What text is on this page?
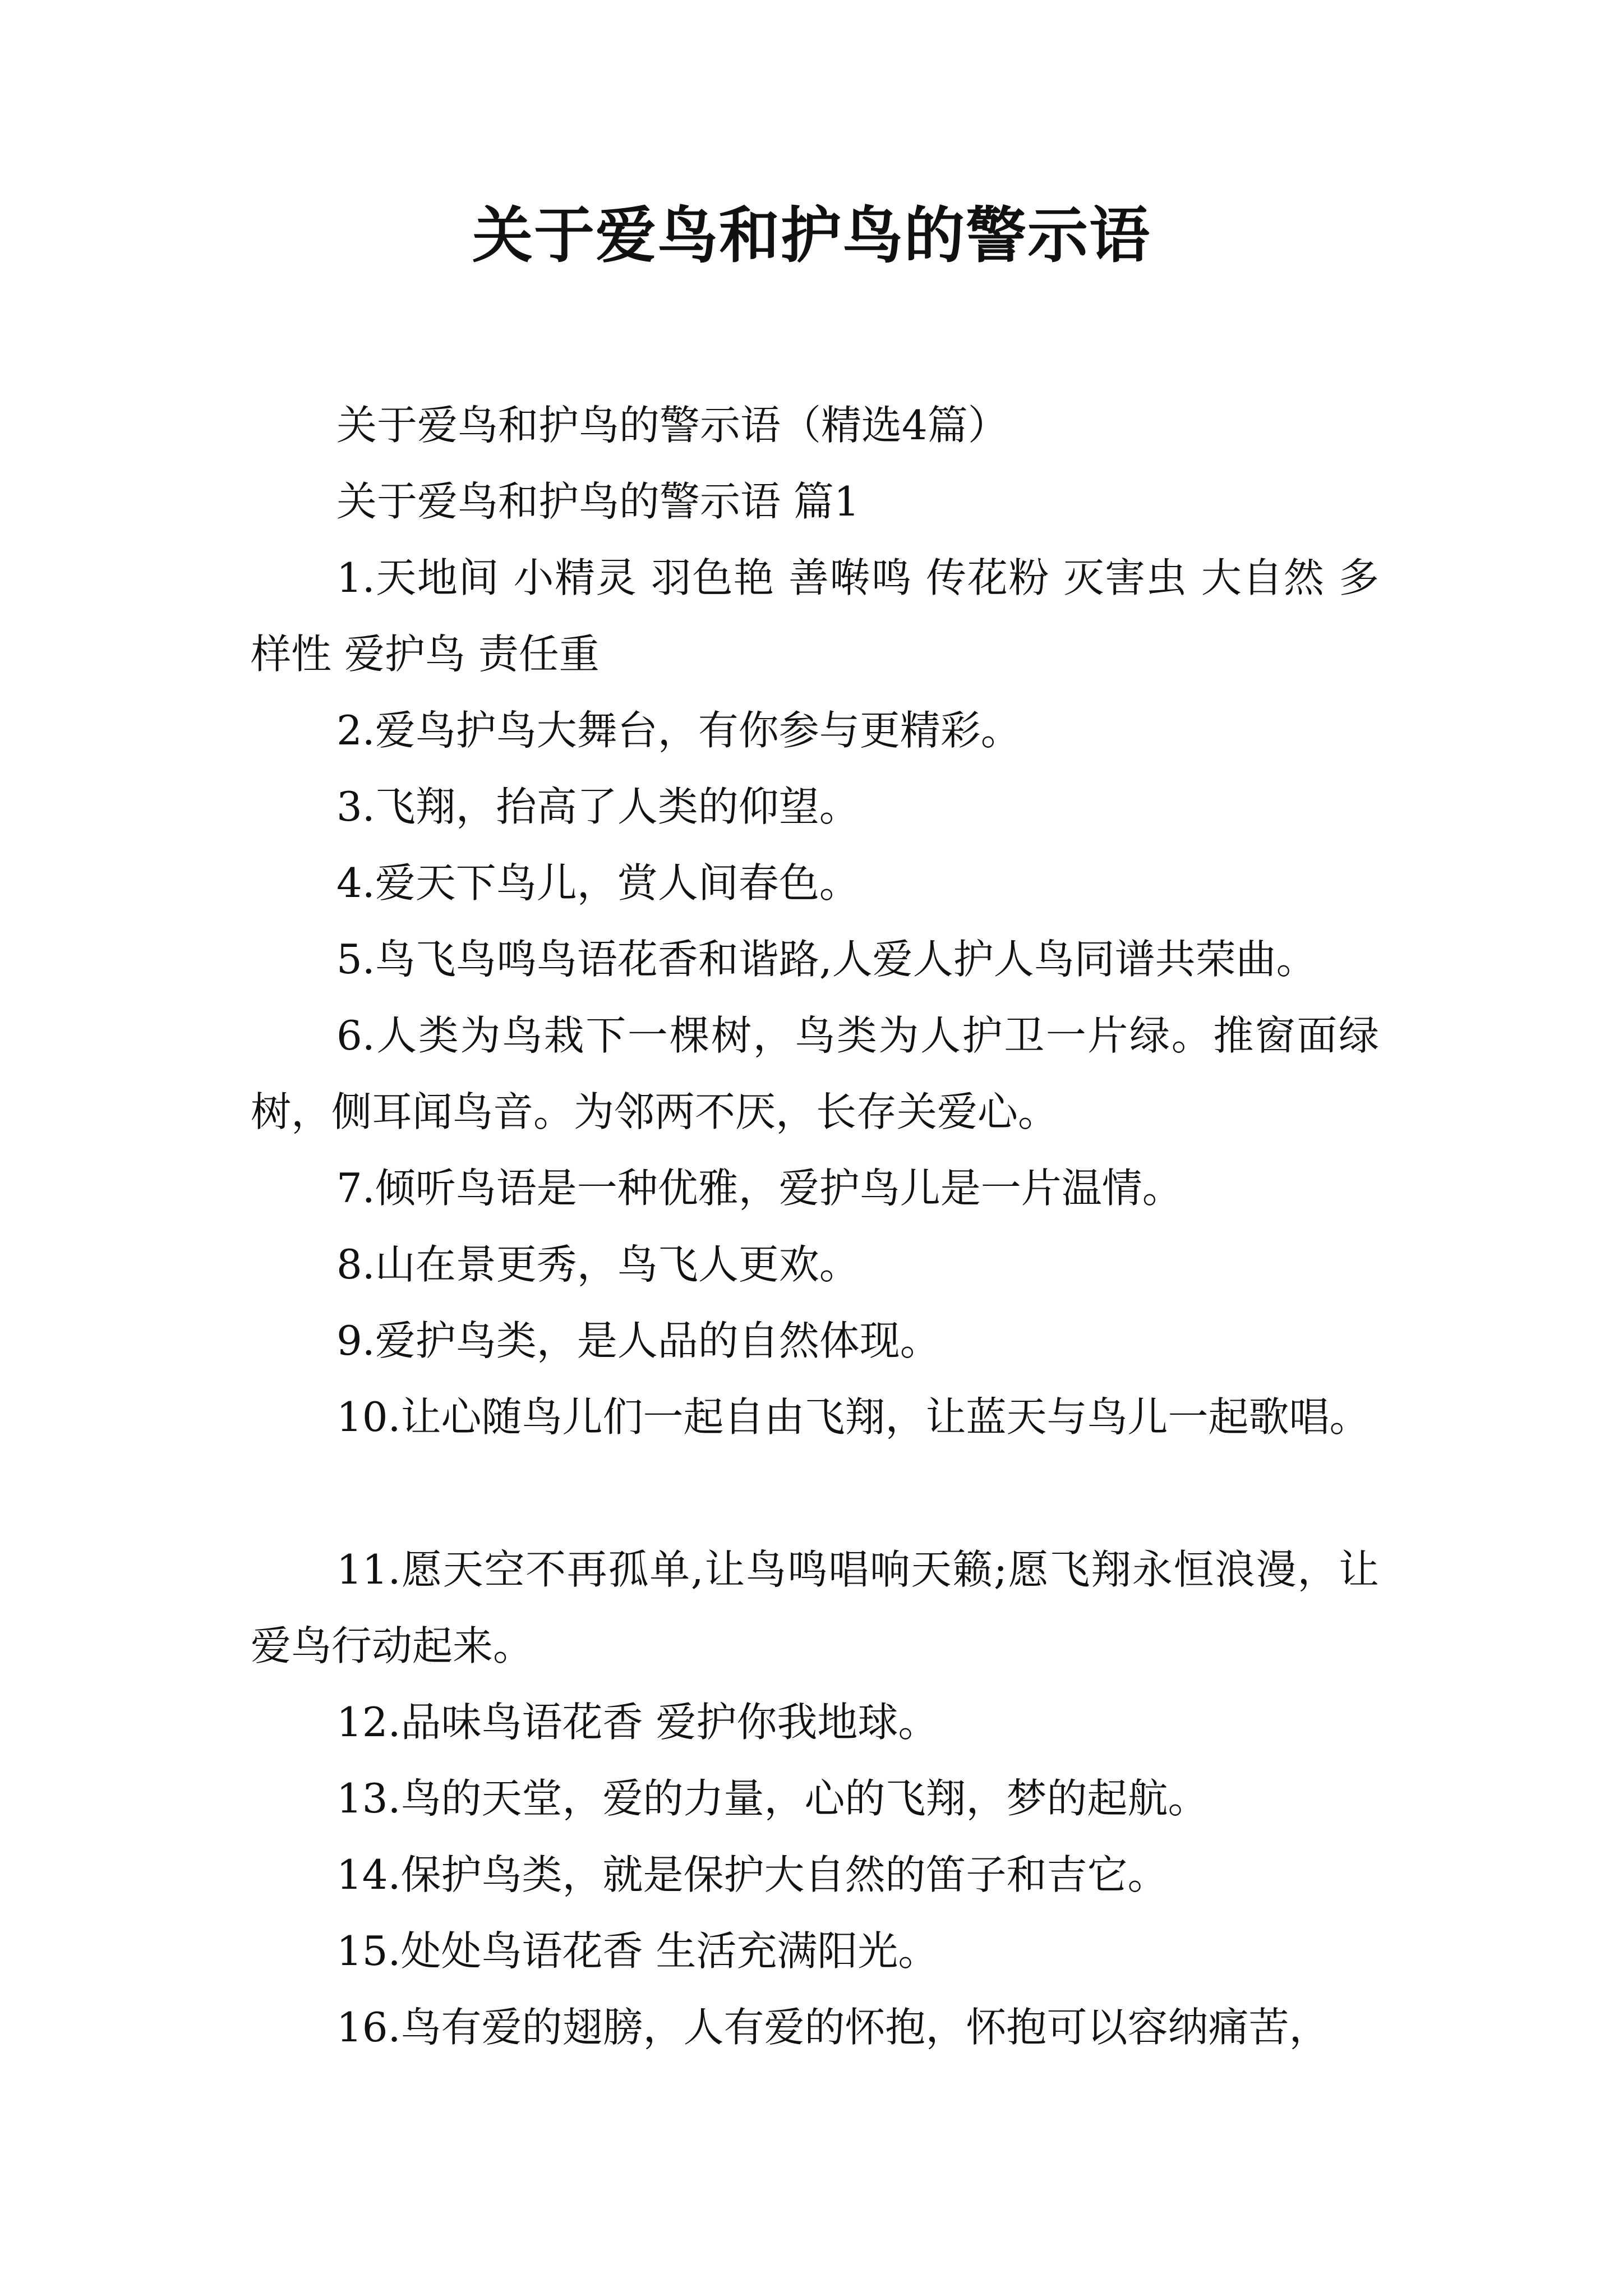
关于爱鸟和护鸟的警示语

关于爱鸟和护鸟的警示语（精选4篇）

关于爱鸟和护鸟的警示语 篇1

1.天地间 小精灵 羽色艳 善啭鸣 传花粉 灭害虫 大自然 多样性 爱护鸟 责任重

2.爱鸟护鸟大舞台，有你参与更精彩。

3.飞翔，抬高了人类的仰望。

4.爱天下鸟儿，赏人间春色。

5.鸟飞鸟鸣鸟语花香和谐路,人爱人护人鸟同谱共荣曲。

6.人类为鸟栽下一棵树，鸟类为人护卫一片绿。推窗面绿树，侧耳闻鸟音。为邻两不厌，长存关爱心。

7.倾听鸟语是一种优雅，爱护鸟儿是一片温情。

8.山在景更秀，鸟飞人更欢。

9.爱护鸟类，是人品的自然体现。

10.让心随鸟儿们一起自由飞翔，让蓝天与鸟儿一起歌唱。

11.愿天空不再孤单,让鸟鸣唱响天籁;愿飞翔永恒浪漫，让爱鸟行动起来。

12.品味鸟语花香 爱护你我地球。

13.鸟的天堂，爱的力量，心的飞翔，梦的起航。

14.保护鸟类，就是保护大自然的笛子和吉它。

15.处处鸟语花香 生活充满阳光。

16.鸟有爱的翅膀，人有爱的怀抱，怀抱可以容纳痛苦，
